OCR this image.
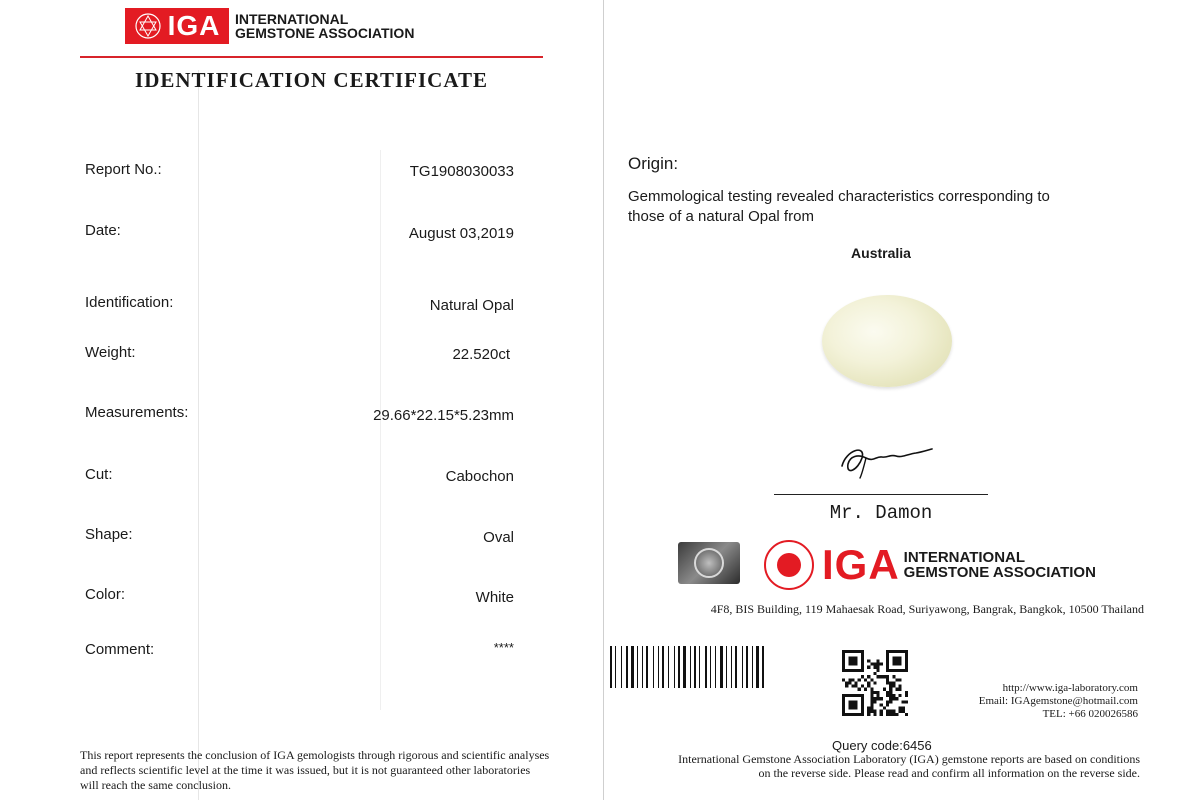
IGA INTERNATIONAL
GEMSTONE ASSOCIATION
IDENTIFICATION CERTIFICATE
Report No.:	TG1908030033
Date:	August 03,2019
Identification:	Natural Opal
Weight:	22.520ct
Measurements:	29.66*22.15*5.23mm
Cut:	Cabochon
Shape:	Oval
Color:	White
Comment:	****
This report represents the conclusion of IGA gemologists through rigorous and scientific analyses and reflects scientific level at the time it was issued, but it is not guaranteed other laboratories will reach the same conclusion.
Origin:
Gemmological testing revealed characteristics corresponding to those of a natural Opal from
Australia
Mr. Damon
IGA INTERNATIONAL
GEMSTONE ASSOCIATION
4F8, BIS Building, 119 Mahaesak Road, Suriyawong, Bangrak, Bangkok, 10500 Thailand
http://www.iga-laboratory.com
Email: IGAgemstone@hotmail.com
TEL: +66 020026586
Query code:6456
International Gemstone Association Laboratory (IGA) gemstone reports are based on conditions on the reverse side. Please read and confirm all information on the reverse side.
